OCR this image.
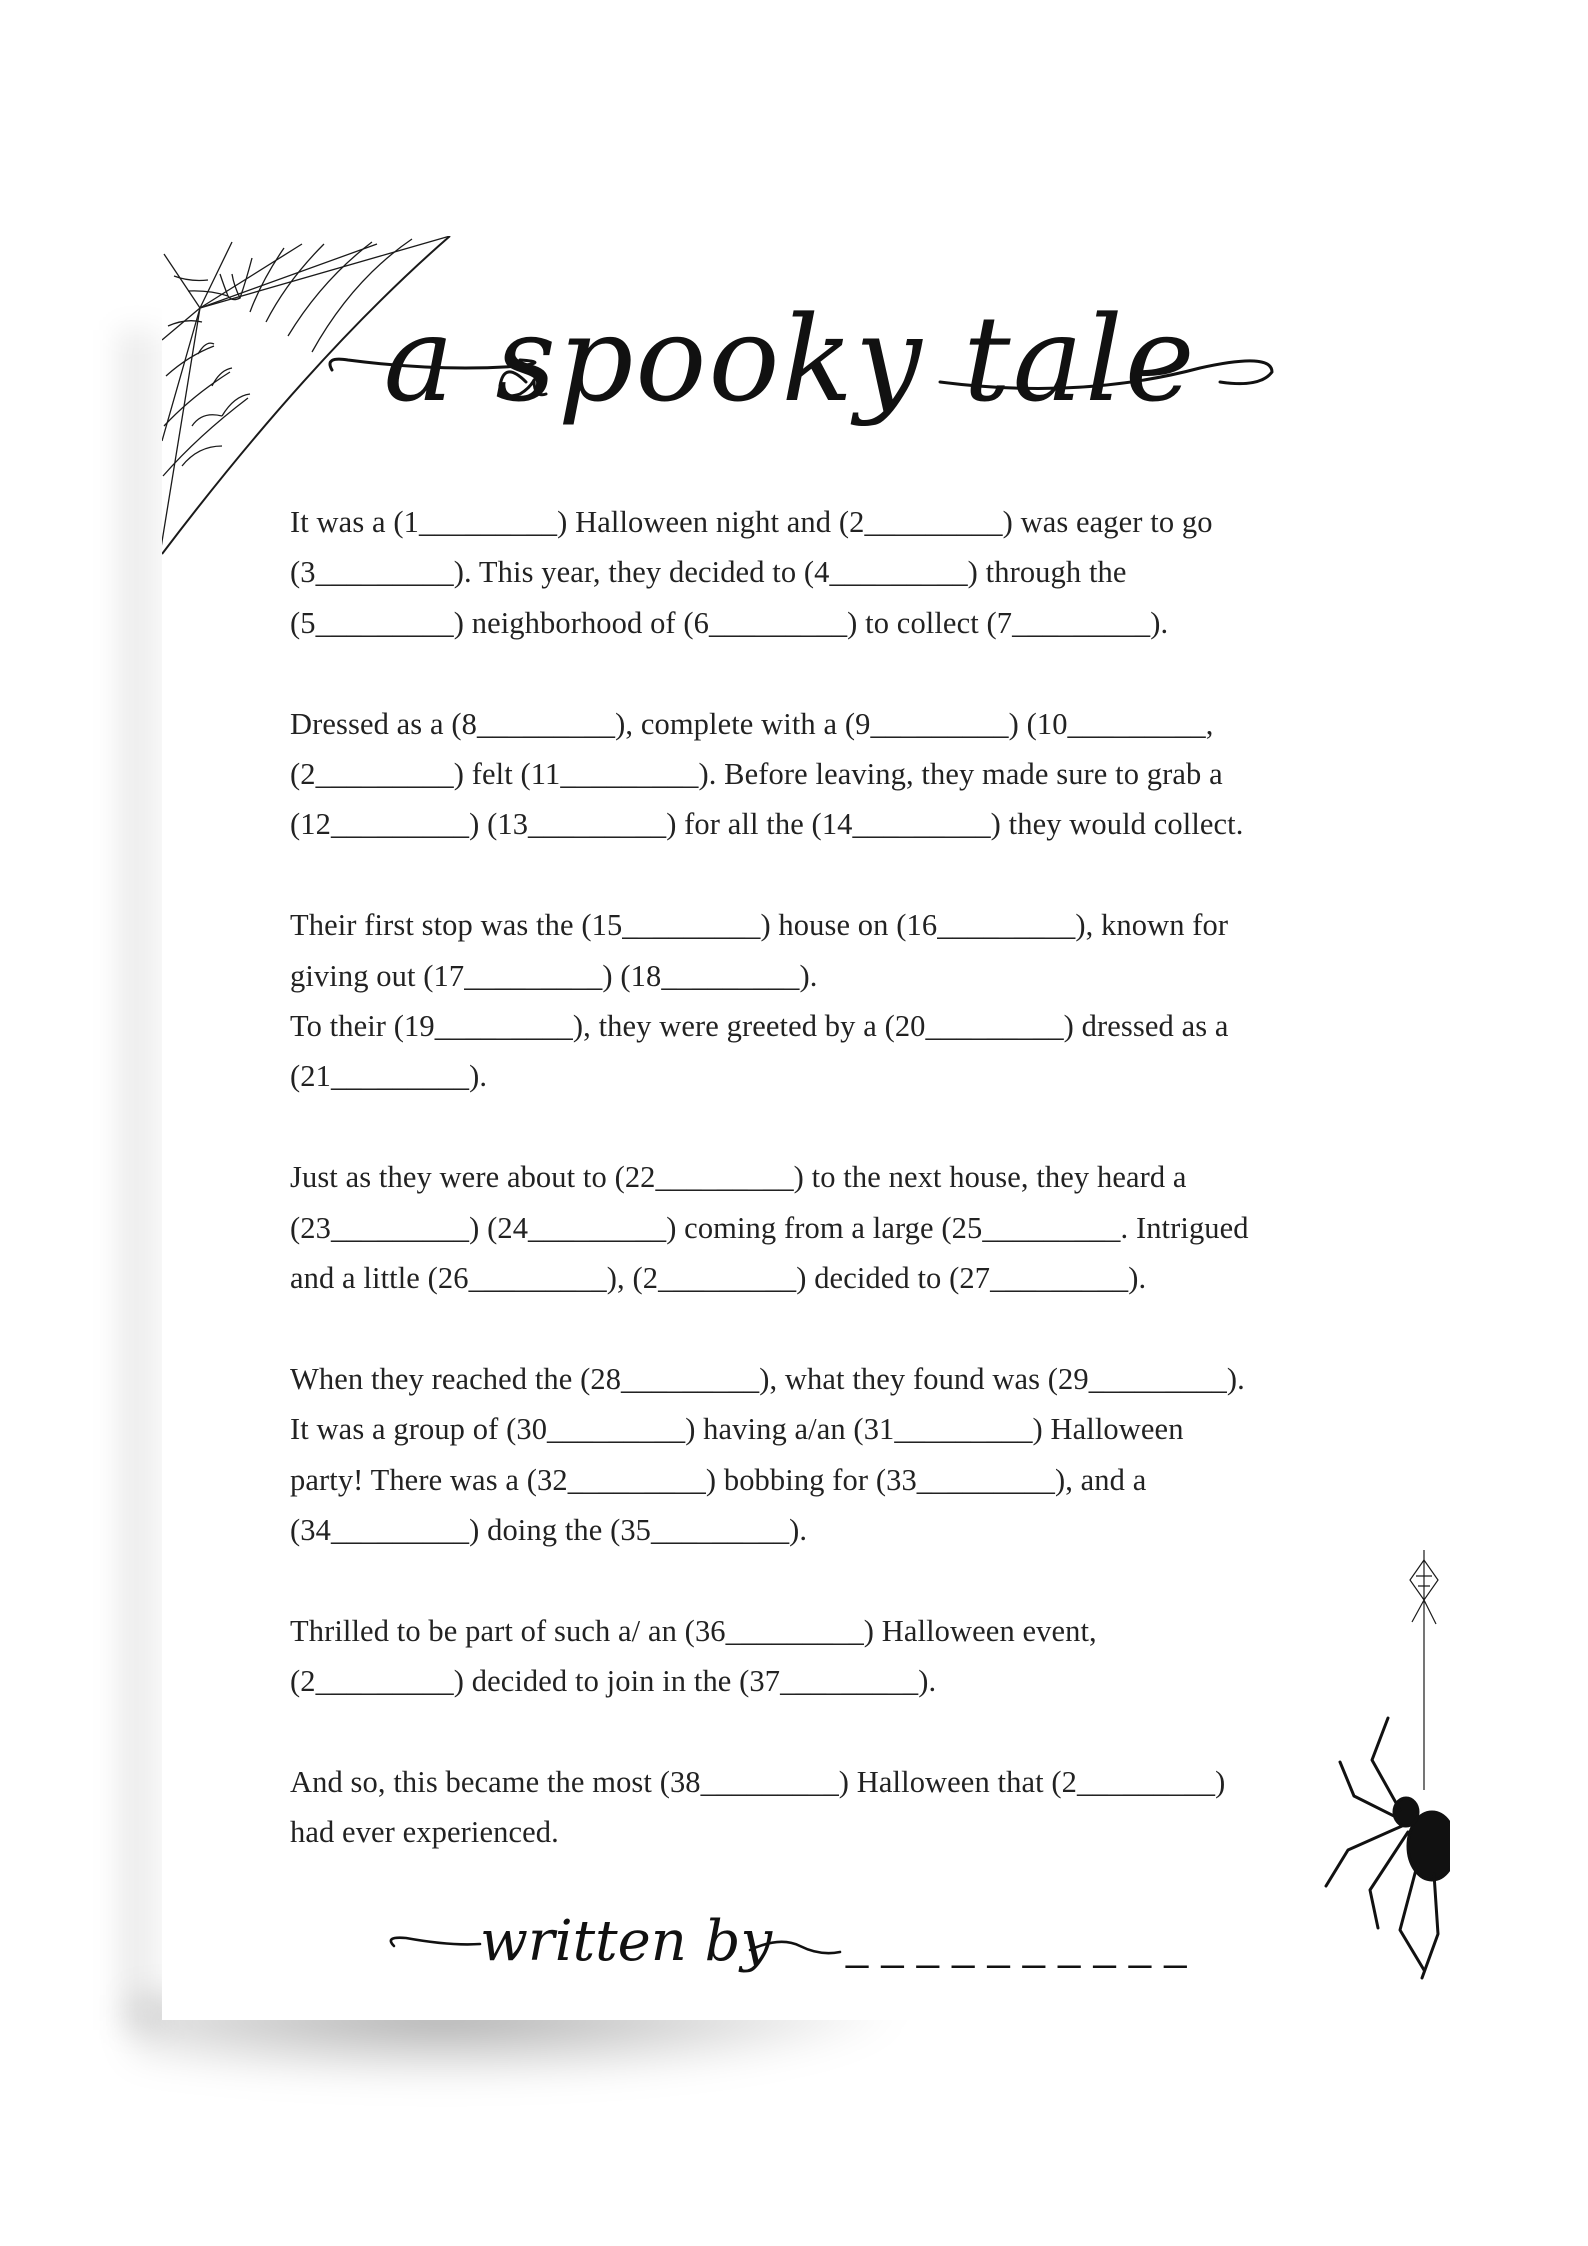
a spooky tale
It was a (1_________) Halloween night and (2_________) was eager to go
(3_________). This year, they decided to (4_________) through the
(5_________) neighborhood of (6_________) to collect (7_________).
Dressed as a (8_________), complete with a (9_________) (10_________,
(2_________) felt (11_________). Before leaving, they made sure to grab a
(12_________) (13_________) for all the (14_________) they would collect.
Their first stop was the (15_________) house on (16_________), known for
giving out (17_________) (18_________).
To their (19_________), they were greeted by a (20_________) dressed as a
(21_________).
Just as they were about to (22_________) to the next house, they heard a
(23_________) (24_________) coming from a large (25_________. Intrigued
and a little (26_________), (2_________) decided to (27_________).
When they reached the (28_________), what they found was (29_________).
It was a group of (30_________) having a/an (31_________) Halloween
party! There was a (32_________) bobbing for (33_________), and a
(34_________) doing the (35_________).
Thrilled to be part of such a/ an (36_________) Halloween event,
(2_________) decided to join in the (37_________).
And so, this became the most (38_________) Halloween that (2_________)
had ever experienced.
written by _ _ _ _ _ _ _ _ _ _
